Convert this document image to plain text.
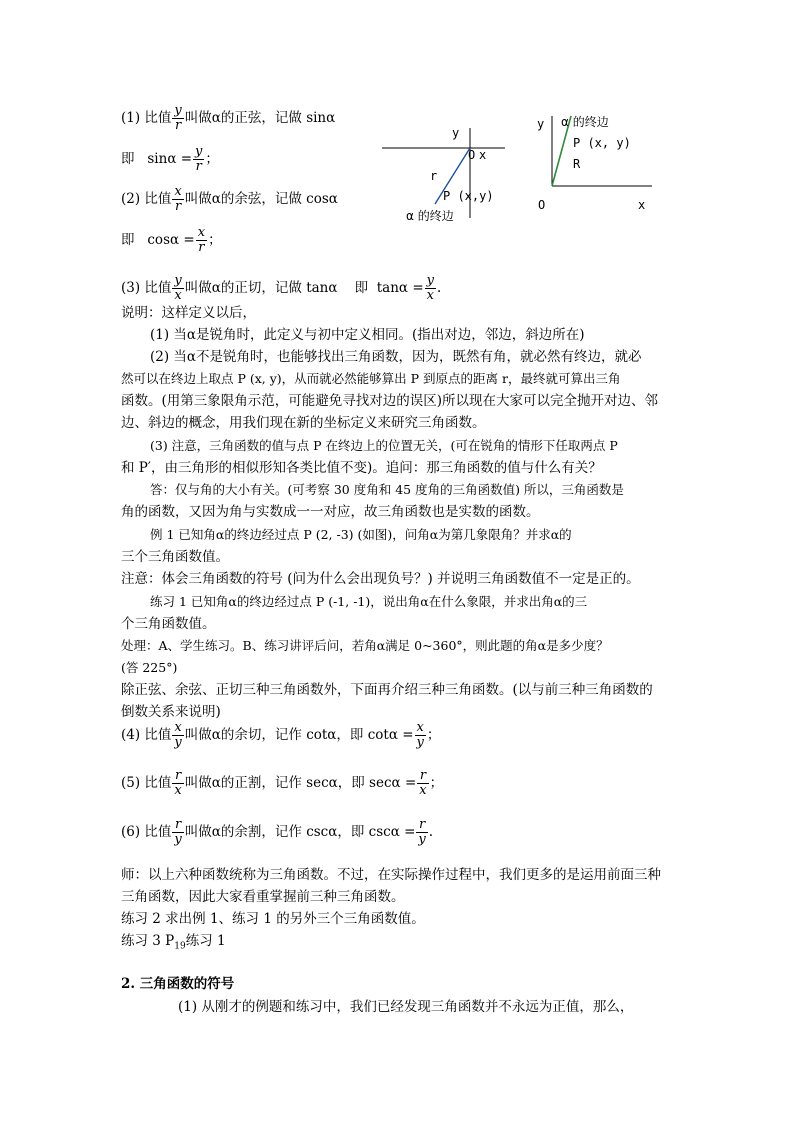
(1) 比值 $\frac{y}{r}$ 叫做α的正弦，记做 sinα
即 $\sin\alpha = \frac{y}{r}$ ；
(2) 比值 $\frac{x}{r}$ 叫做α的余弦，记做 cosα
即 $\cos\alpha = \frac{x}{r}$ ；
(3) 比值 $\frac{y}{x}$ 叫做α的正切，记做 tanα 即 $\tan\alpha = \frac{y}{x}$ .
y
O x
r
P (x,y)
α 的终边
y α 的终边
P (x, y)
R
O	x
说明：这样定义以后，
(1) 当α是锐角时，此定义与初中定义相同。(指出对边，邻边，斜边所在)
(2) 当α不是锐角时，也能够找出三角函数，因为，既然有角，就必然有终边，就必
然可以在终边上取点 P (x, y)，从而就必然能够算出 P 到原点的距离 r，最终就可算出三角
函数。(用第三象限角示范，可能避免寻找对边的误区)所以现在大家可以完全抛开对边、邻
边、斜边的概念，用我们现在新的坐标定义来研究三角函数。
(3) 注意，三角函数的值与点 P 在终边上的位置无关，(可在锐角的情形下任取两点 P
和 P′，由三角形的相似形知各类比值不变)。追问：那三角函数的值与什么有关？
答：仅与角的大小有关。(可考察 30 度角和 45 度角的三角函数值) 所以，三角函数是
角的函数，又因为角与实数成一一对应，故三角函数也是实数的函数。
例 1 已知角α的终边经过点 P (2, -3) (如图)，问角α为第几象限角？并求α的
三个三角函数值。
注意：体会三角函数的符号 (问为什么会出现负号？) 并说明三角函数值不一定是正的。
练习 1 已知角α的终边经过点 P (-1, -1)，说出角α在什么象限，并求出角α的三
个三角函数值。
处理：A、学生练习。B、练习讲评后问，若角α满足 0~360°，则此题的角α是多少度？
(答 225°)
除正弦、余弦、正切三种三角函数外，下面再介绍三种三角函数。(以与前三种三角函数的
倒数关系来说明)
(4) 比值 $\frac{x}{y}$ 叫做α的余切，记作 cotα，即 $\cot\alpha = \frac{x}{y}$ ；
(5) 比值 $\frac{r}{x}$ 叫做α的正割，记作 secα，即 $\sec\alpha = \frac{r}{x}$ ；
(6) 比值 $\frac{r}{y}$ 叫做α的余割，记作 cscα，即 $\csc\alpha = \frac{r}{y}$ .
师：以上六种函数统称为三角函数。不过，在实际操作过程中，我们更多的是运用前面三种
三角函数，因此大家看重掌握前三种三角函数。
练习 2 求出例 1、练习 1 的另外三个三角函数值。
练习 3 $P_{19}$练习 1
2. 三角函数的符号
(1) 从刚才的例题和练习中，我们已经发现三角函数并不永远为正值，那么，
